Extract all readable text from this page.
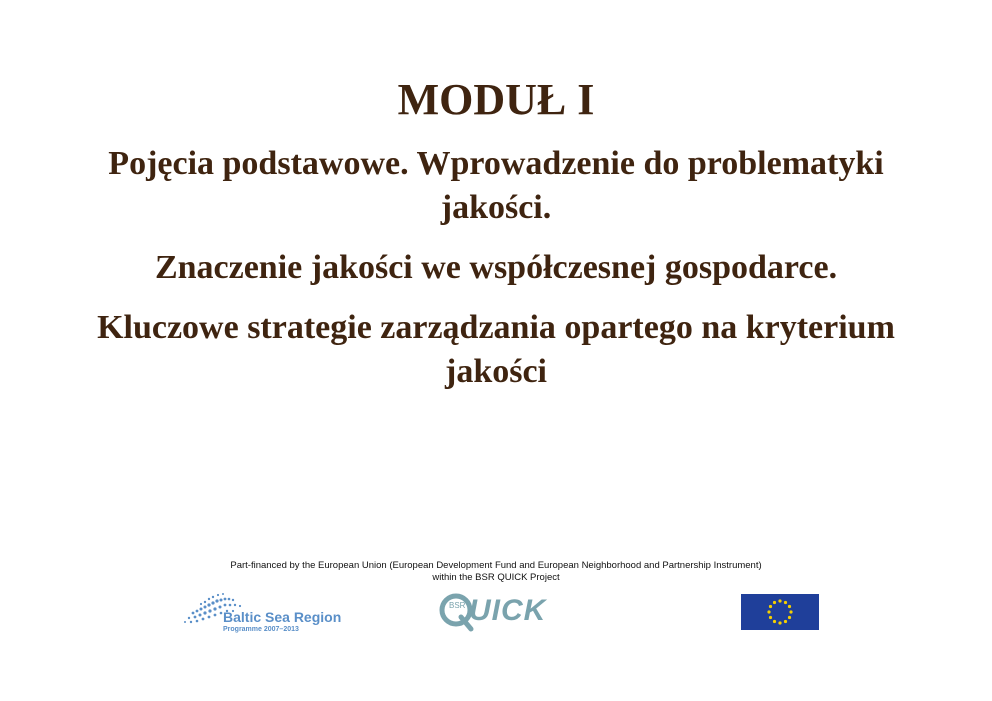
MODUŁ I

Pojęcia podstawowe. Wprowadzenie do problematyki jakości.

Znaczenie jakości we współczesnej gospodarce.

Kluczowe strategie zarządzania opartego na kryterium jakości

Part-financed by the European Union (European Development Fund and European Neighborhood and Partnership Instrument)
within the BSR QUICK Project
Baltic Sea Region
Programme 2007–2013
BSR UICK
